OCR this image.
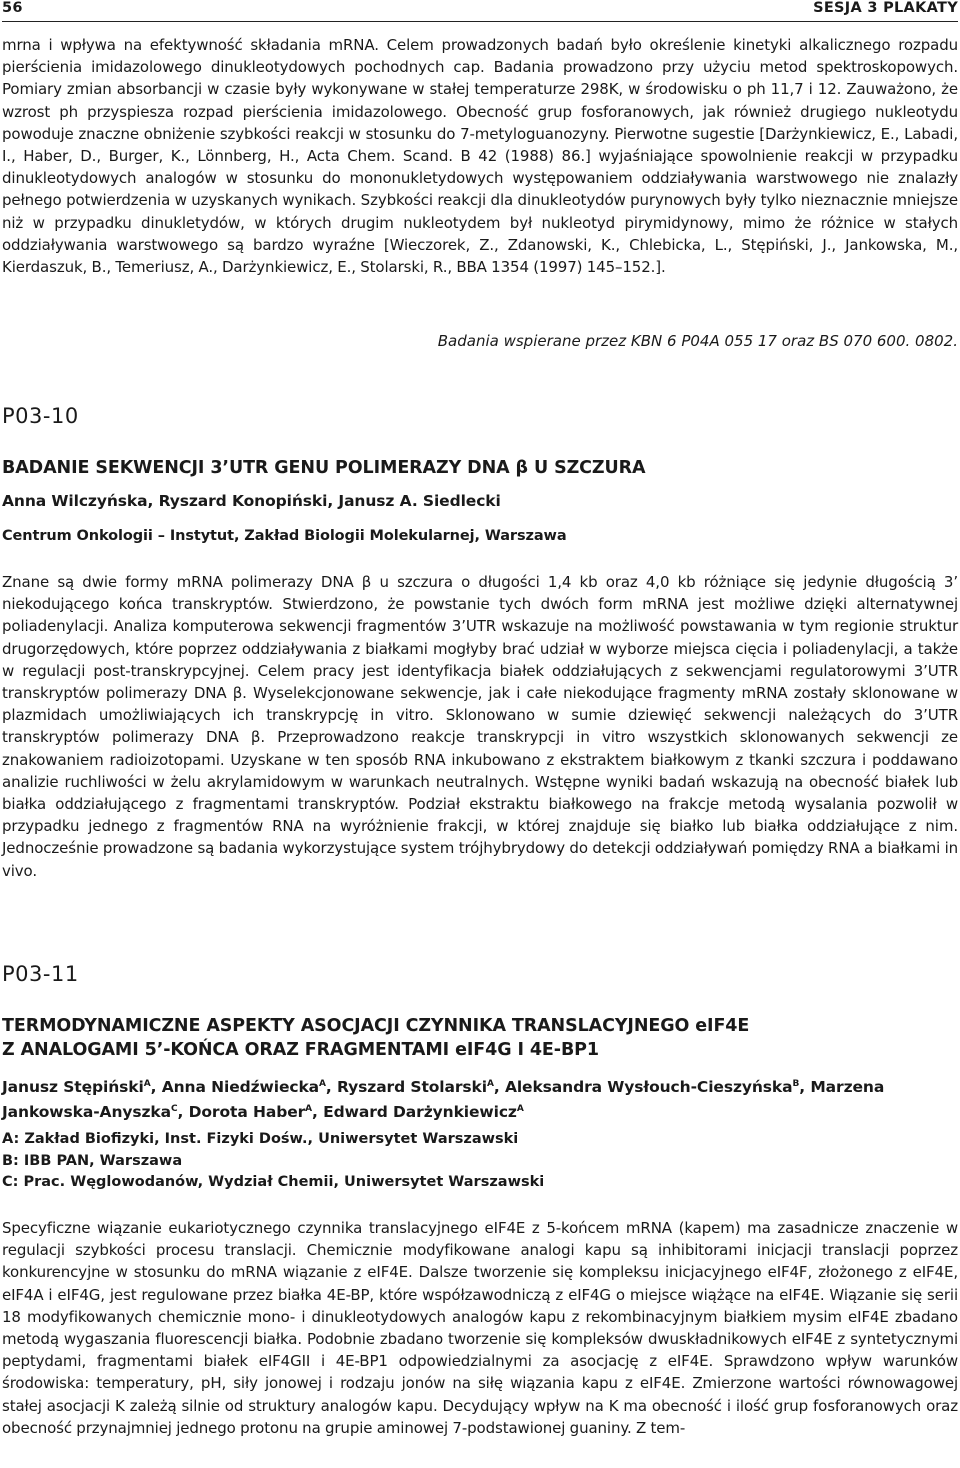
56	SESJA 3 PLAKATY

mrna i wpływa na efektywność składania mRNA. Celem prowadzonych badań było określenie kinetyki alkalicznego rozpadu pierścienia imidazolowego dinukleotydowych pochodnych cap. Badania prowadzono przy użyciu metod spektroskopowych. Pomiary zmian absorbancji w czasie były wykonywane w stałej temperaturze 298K, w środowisku o ph 11,7 i 12. Zauważono, że wzrost ph przyspiesza rozpad pierścienia imidazolowego. Obecność grup fosforanowych, jak również drugiego nukleotydu powoduje znaczne obniżenie szybkości reakcji w stosunku do 7-metyloguanozyny. Pierwotne sugestie [Darżynkiewicz, E., Labadi, I., Haber, D., Burger, K., Lönnberg, H., Acta Chem. Scand. B 42 (1988) 86.] wyjaśniające spowolnienie reakcji w przypadku dinukleotydowych analogów w stosunku do mononukletydowych występowaniem oddziaływania warstwowego nie znalazły pełnego potwierdzenia w uzyskanych wynikach. Szybkości reakcji dla dinukleotydów purynowych były tylko nieznacznie mniejsze niż w przypadku dinukletydów, w których drugim nukleotydem był nukleotyd pirymidynowy, mimo że różnice w stałych oddziaływania warstwowego są bardzo wyraźne [Wieczorek, Z., Zdanowski, K., Chlebicka, L., Stępiński, J., Jankowska, M., Kierdaszuk, B., Temeriusz, A., Darżynkiewicz, E., Stolarski, R., BBA 1354 (1997) 145–152.].

Badania wspierane przez KBN 6 P04A 055 17 oraz BS 070 600. 0802.
P03-10
BADANIE SEKWENCJI 3’UTR GENU POLIMERAZY DNA β U SZCZURA
Anna Wilczyńska, Ryszard Konopiński, Janusz A. Siedlecki
Centrum Onkologii – Instytut, Zakład Biologii Molekularnej, Warszawa

Znane są dwie formy mRNA polimerazy DNA β u szczura o długości 1,4 kb oraz 4,0 kb różniące się jedynie długością 3’ niekodującego końca transkryptów. Stwierdzono, że powstanie tych dwóch form mRNA jest możliwe dzięki alternatywnej poliadenylacji. Analiza komputerowa sekwencji fragmentów 3’UTR wskazuje na możliwość powstawania w tym regionie struktur drugorzędowych, które poprzez oddziaływania z białkami mogłyby brać udział w wyborze miejsca cięcia i poliadenylacji, a także w regulacji post-transkrypcyjnej. Celem pracy jest identyfikacja białek oddziałujących z sekwencjami regulatorowymi 3’UTR transkryptów polimerazy DNA β. Wyselekcjonowane sekwencje, jak i całe niekodujące fragmenty mRNA zostały sklonowane w plazmidach umożliwiających ich transkrypcję in vitro. Sklonowano w sumie dziewięć sekwencji należących do 3’UTR transkryptów polimerazy DNA β. Przeprowadzono reakcje transkrypcji in vitro wszystkich sklonowanych sekwencji ze znakowaniem radioizotopami. Uzyskane w ten sposób RNA inkubowano z ekstraktem białkowym z tkanki szczura i poddawano analizie ruchliwości w żelu akrylamidowym w warunkach neutralnych. Wstępne wyniki badań wskazują na obecność białek lub białka oddziałującego z fragmentami transkryptów. Podział ekstraktu białkowego na frakcje metodą wysalania pozwolił w przypadku jednego z fragmentów RNA na wyróżnienie frakcji, w której znajduje się białko lub białka oddziałujące z nim. Jednocześnie prowadzone są badania wykorzystujące system trójhybrydowy do detekcji oddziaływań pomiędzy RNA a białkami in vivo.

P03-11
TERMODYNAMICZNE ASPEKTY ASOCJACJI CZYNNIKA TRANSLACYJNEGO eIF4E
Z ANALOGAMI 5’-KOŃCA ORAZ FRAGMENTAMI eIF4G I 4E-BP1
Janusz Stępiński$^A$, Anna Niedźwiecka$^A$, Ryszard Stolarski$^A$, Aleksandra Wysłouch-Cieszyńska$^B$, Marzena Jankowska-Anyszka$^C$, Dorota Haber$^A$, Edward Darżynkiewicz$^A$
A: Zakład Biofizyki, Inst. Fizyki Dośw., Uniwersytet Warszawski
B: IBB PAN, Warszawa
C: Prac. Węglowodanów, Wydział Chemii, Uniwersytet Warszawski

Specyficzne wiązanie eukariotycznego czynnika translacyjnego eIF4E z 5-końcem mRNA (kapem) ma zasadnicze znaczenie w regulacji szybkości procesu translacji. Chemicznie modyfikowane analogi kapu są inhibitorami inicjacji translacji poprzez konkurencyjne w stosunku do mRNA wiązanie z eIF4E. Dalsze tworzenie się kompleksu inicjacyjnego eIF4F, złożonego z eIF4E, eIF4A i eIF4G, jest regulowane przez białka 4E-BP, które współzawodniczą z eIF4G o miejsce wiążące na eIF4E. Wiązanie się serii 18 modyfikowanych chemicznie mono- i dinukleotydowych analogów kapu z rekombinacyjnym białkiem mysim eIF4E zbadano metodą wygaszania fluorescencji białka. Podobnie zbadano tworzenie się kompleksów dwuskładnikowych eIF4E z syntetycznymi peptydami, fragmentami białek eIF4GII i 4E-BP1 odpowiedzialnymi za asocjację z eIF4E. Sprawdzono wpływ warunków środowiska: temperatury, pH, siły jonowej i rodzaju jonów na siłę wiązania kapu z eIF4E. Zmierzone wartości równowagowej stałej asocjacji K zależą silnie od struktury analogów kapu. Decydujący wpływ na K ma obecność i ilość grup fosforanowych oraz obecność przynajmniej jednego protonu na grupie aminowej 7-podstawionej guaniny. Z tem-
